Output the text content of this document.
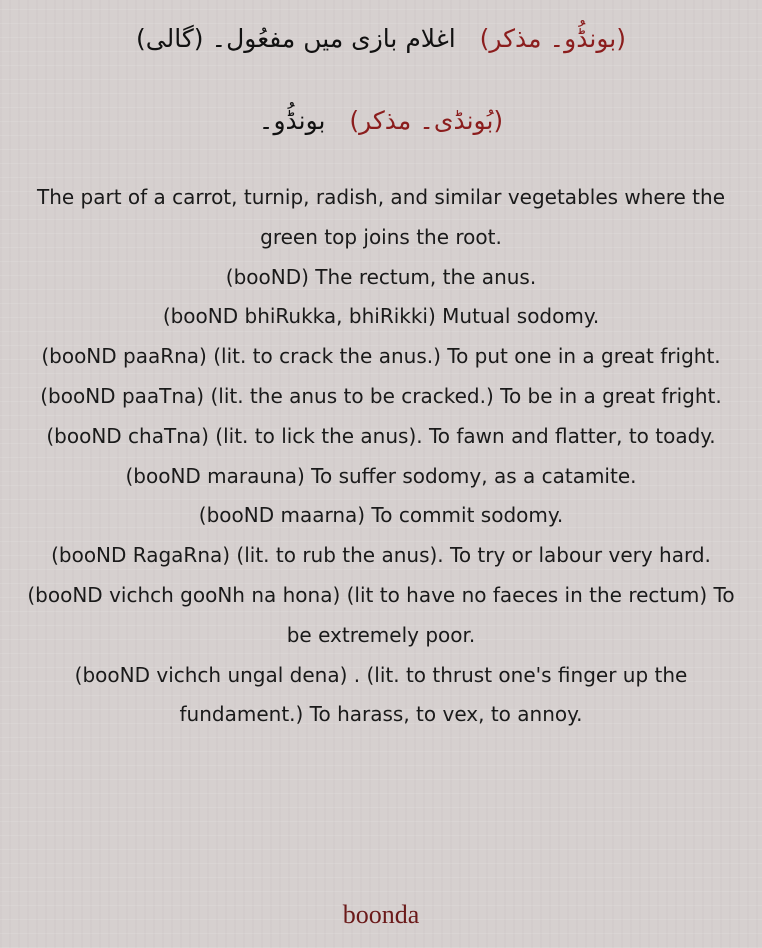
(بونڈُو۔ مذکر)   اغلام بازی میں مفعُول۔ (گالی)
(بُونڈی۔ مذکر)   بونڈُو۔

The part of a carrot, turnip, radish, and similar vegetables where the green top joins the root.

(booND) The rectum, the anus.

(booND bhiRukka, bhiRikki) Mutual sodomy.

(booND paaRna) (lit. to crack the anus.) To put one in a great fright.

(booND paaTna) (lit. the anus to be cracked.) To be in a great fright.

(booND chaTna) (lit. to lick the anus). To fawn and flatter, to toady.

(booND marauna) To suffer sodomy, as a catamite.

(booND maarna) To commit sodomy.

(booND RagaRna) (lit. to rub the anus). To try or labour very hard.

(booND vichch gooNh na hona) (lit to have no faeces in the rectum) To be extremely poor.

(booND vichch ungal dena) . (lit. to thrust one's finger up the fundament.) To harass, to vex, to annoy.

boonda
